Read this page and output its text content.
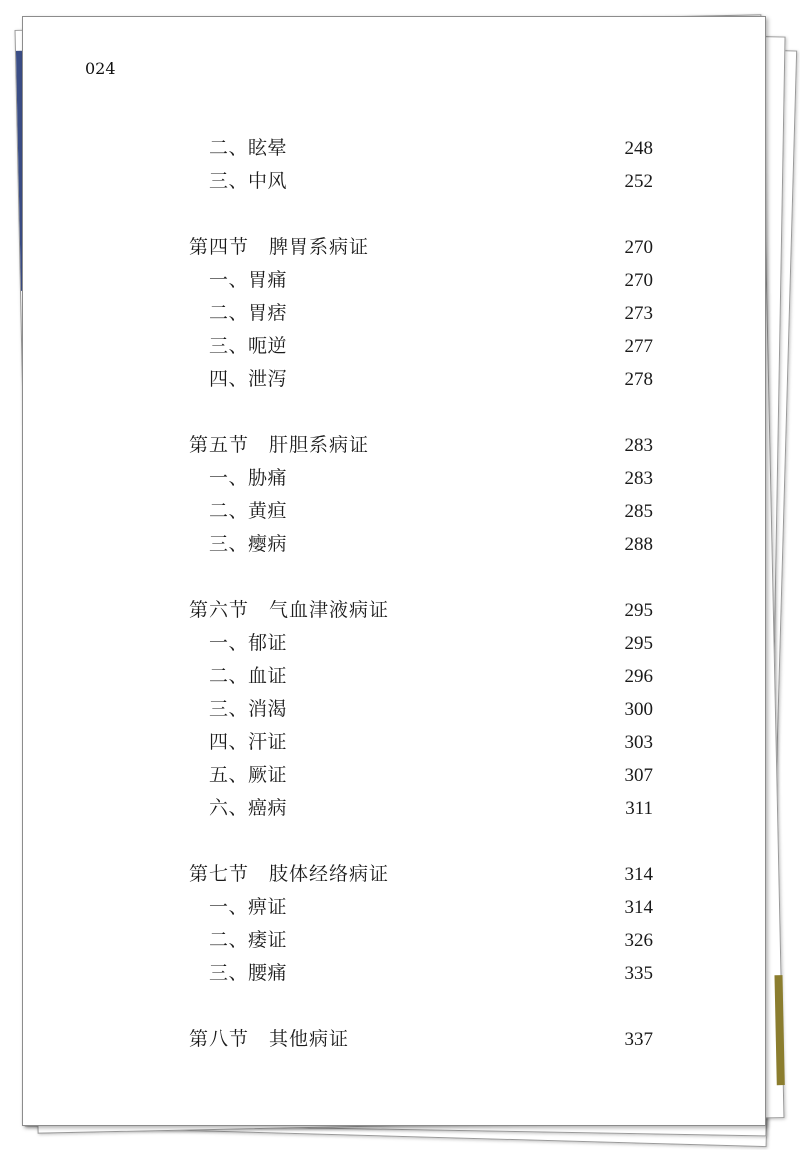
024
二、眩晕	248
三、中风	252
第四节　脾胃系病证	270
一、胃痛	270
二、胃痞	273
三、呃逆	277
四、泄泻	278
第五节　肝胆系病证	283
一、胁痛	283
二、黄疸	285
三、瘿病	288
第六节　气血津液病证	295
一、郁证	295
二、血证	296
三、消渴	300
四、汗证	303
五、厥证	307
六、癌病	311
第七节　肢体经络病证	314
一、痹证	314
二、痿证	326
三、腰痛	335
第八节　其他病证	337
